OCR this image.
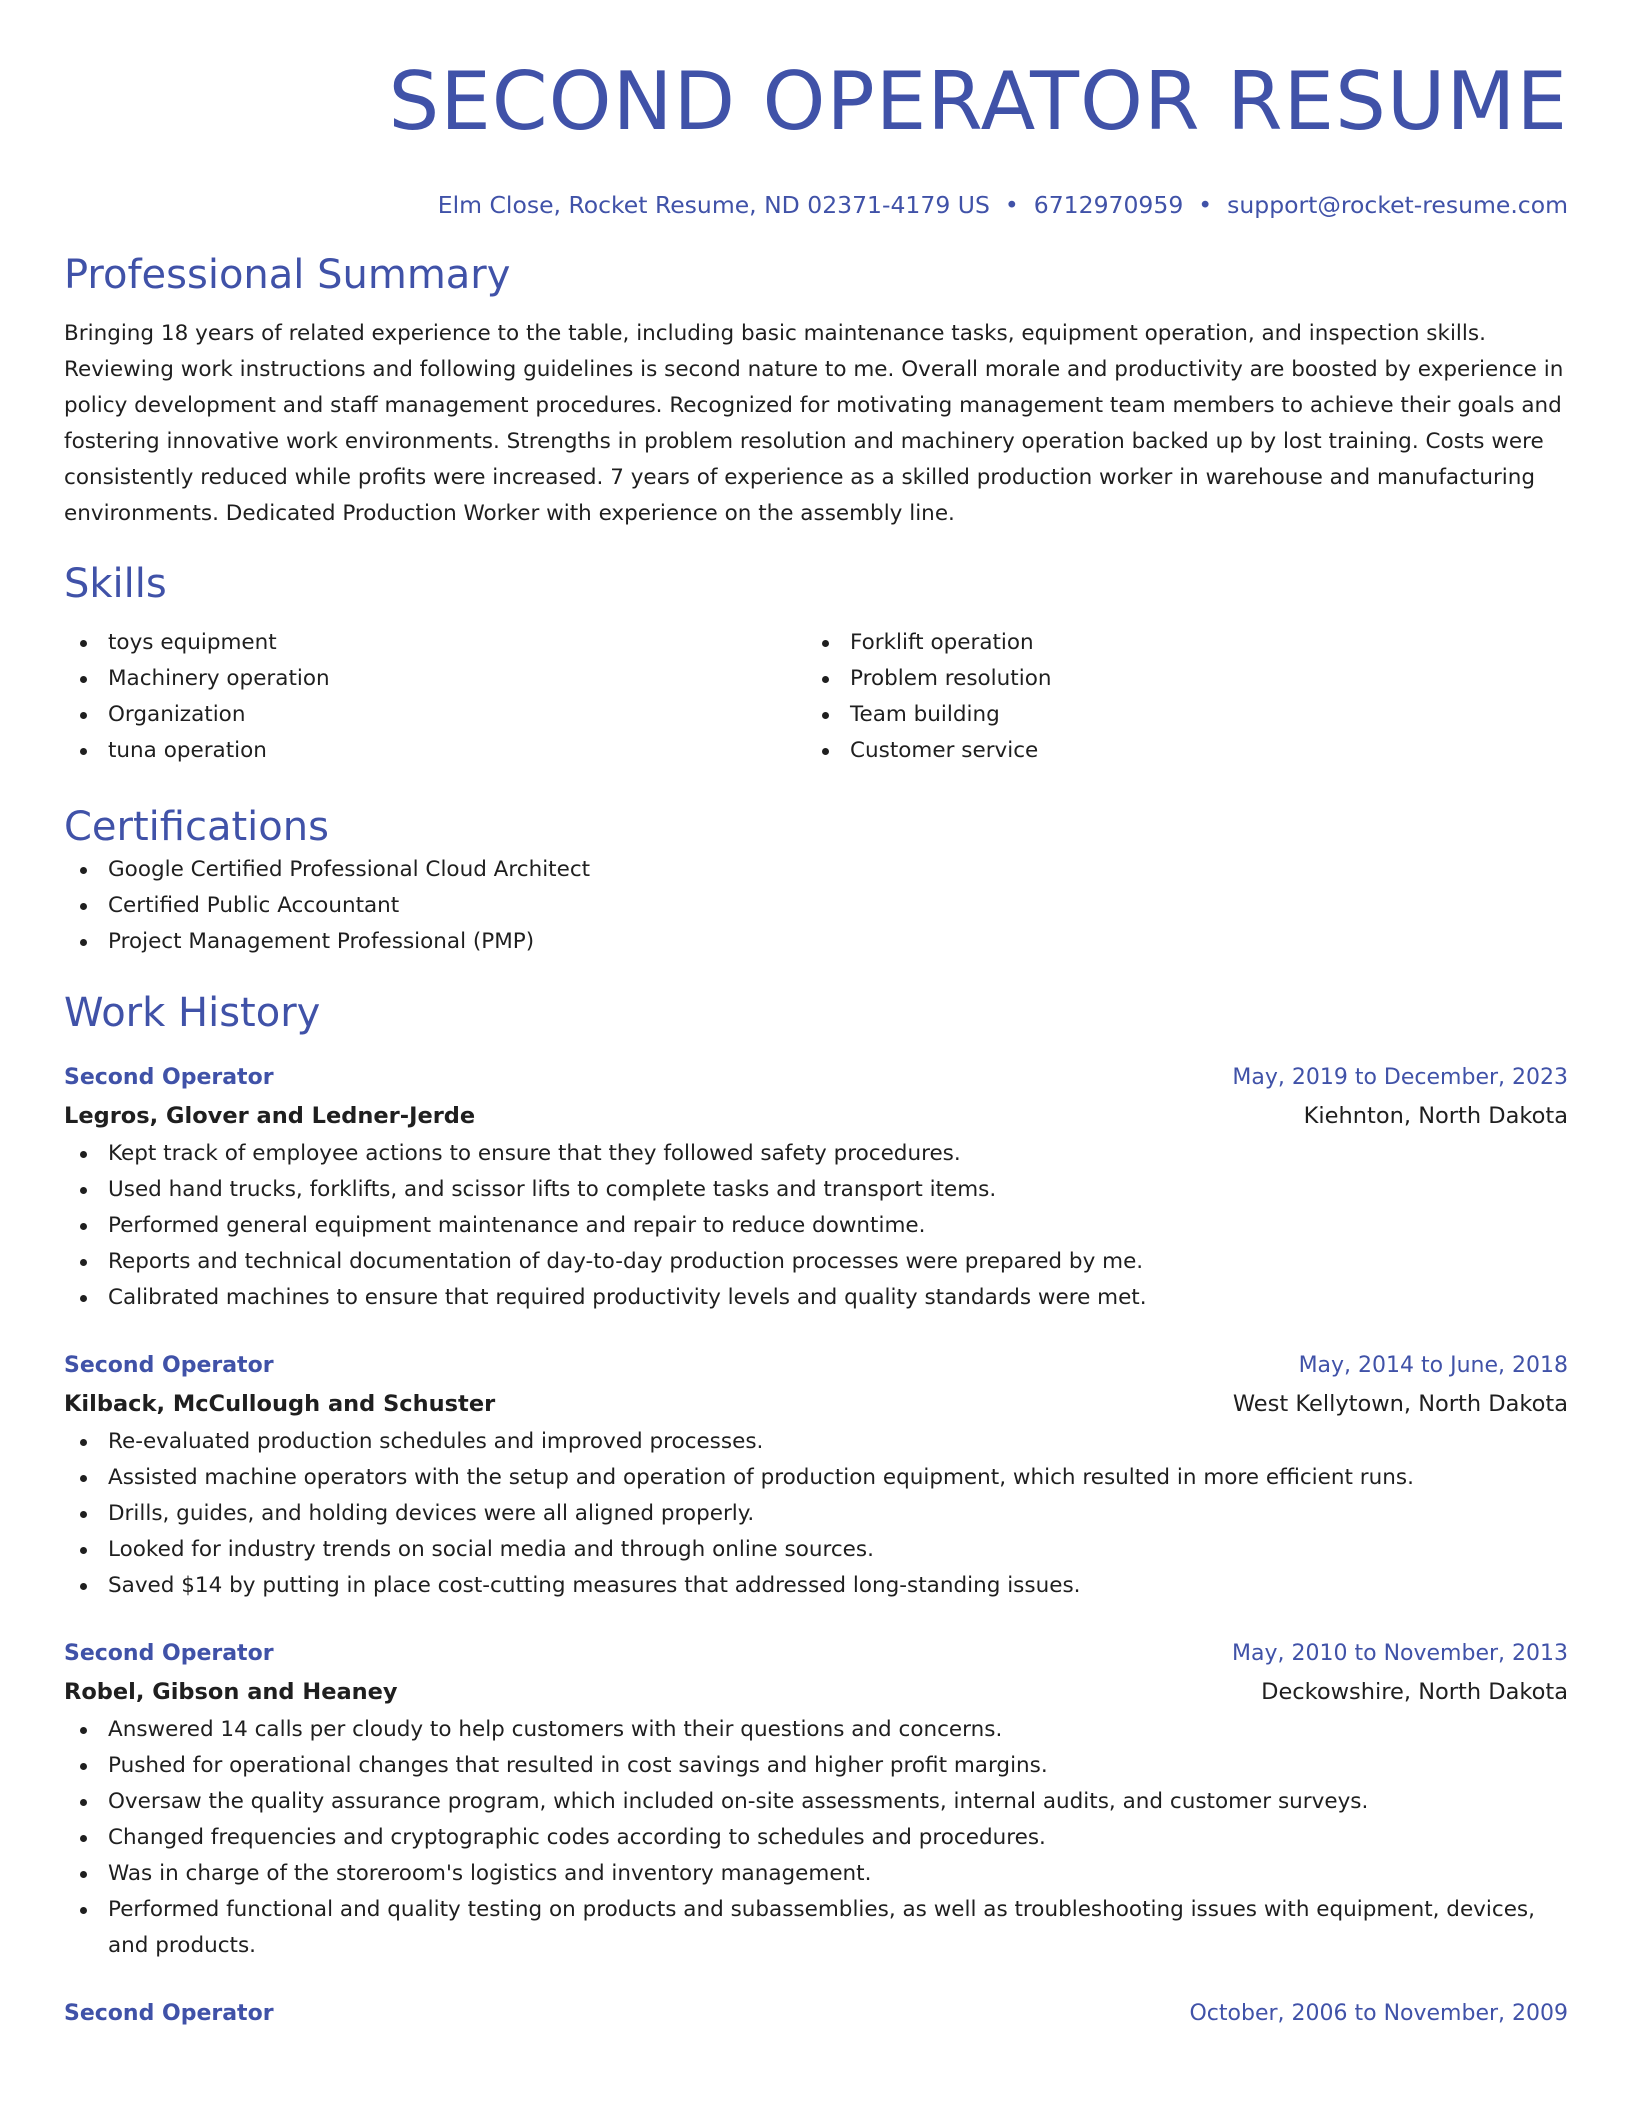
SECOND OPERATOR RESUME
Elm Close, Rocket Resume, ND 02371-4179 US • 6712970959 • support@rocket-resume.com
Professional Summary
Bringing 18 years of related experience to the table, including basic maintenance tasks, equipment operation, and inspection skills. Reviewing work instructions and following guidelines is second nature to me. Overall morale and productivity are boosted by experience in policy development and staff management procedures. Recognized for motivating management team members to achieve their goals and fostering innovative work environments. Strengths in problem resolution and machinery operation backed up by lost training. Costs were consistently reduced while profits were increased. 7 years of experience as a skilled production worker in warehouse and manufacturing environments. Dedicated Production Worker with experience on the assembly line.
Skills
toys equipment
Machinery operation
Organization
tuna operation
Forklift operation
Problem resolution
Team building
Customer service
Certifications
Google Certified Professional Cloud Architect
Certified Public Accountant
Project Management Professional (PMP)
Work History
Second Operator	May, 2019 to December, 2023
Legros, Glover and Ledner-Jerde	Kiehnton, North Dakota
Kept track of employee actions to ensure that they followed safety procedures.
Used hand trucks, forklifts, and scissor lifts to complete tasks and transport items.
Performed general equipment maintenance and repair to reduce downtime.
Reports and technical documentation of day-to-day production processes were prepared by me.
Calibrated machines to ensure that required productivity levels and quality standards were met.
Second Operator	May, 2014 to June, 2018
Kilback, McCullough and Schuster	West Kellytown, North Dakota
Re-evaluated production schedules and improved processes.
Assisted machine operators with the setup and operation of production equipment, which resulted in more efficient runs.
Drills, guides, and holding devices were all aligned properly.
Looked for industry trends on social media and through online sources.
Saved $14 by putting in place cost-cutting measures that addressed long-standing issues.
Second Operator	May, 2010 to November, 2013
Robel, Gibson and Heaney	Deckowshire, North Dakota
Answered 14 calls per cloudy to help customers with their questions and concerns.
Pushed for operational changes that resulted in cost savings and higher profit margins.
Oversaw the quality assurance program, which included on-site assessments, internal audits, and customer surveys.
Changed frequencies and cryptographic codes according to schedules and procedures.
Was in charge of the storeroom's logistics and inventory management.
Performed functional and quality testing on products and subassemblies, as well as troubleshooting issues with equipment, devices, and products.
Second Operator	October, 2006 to November, 2009
